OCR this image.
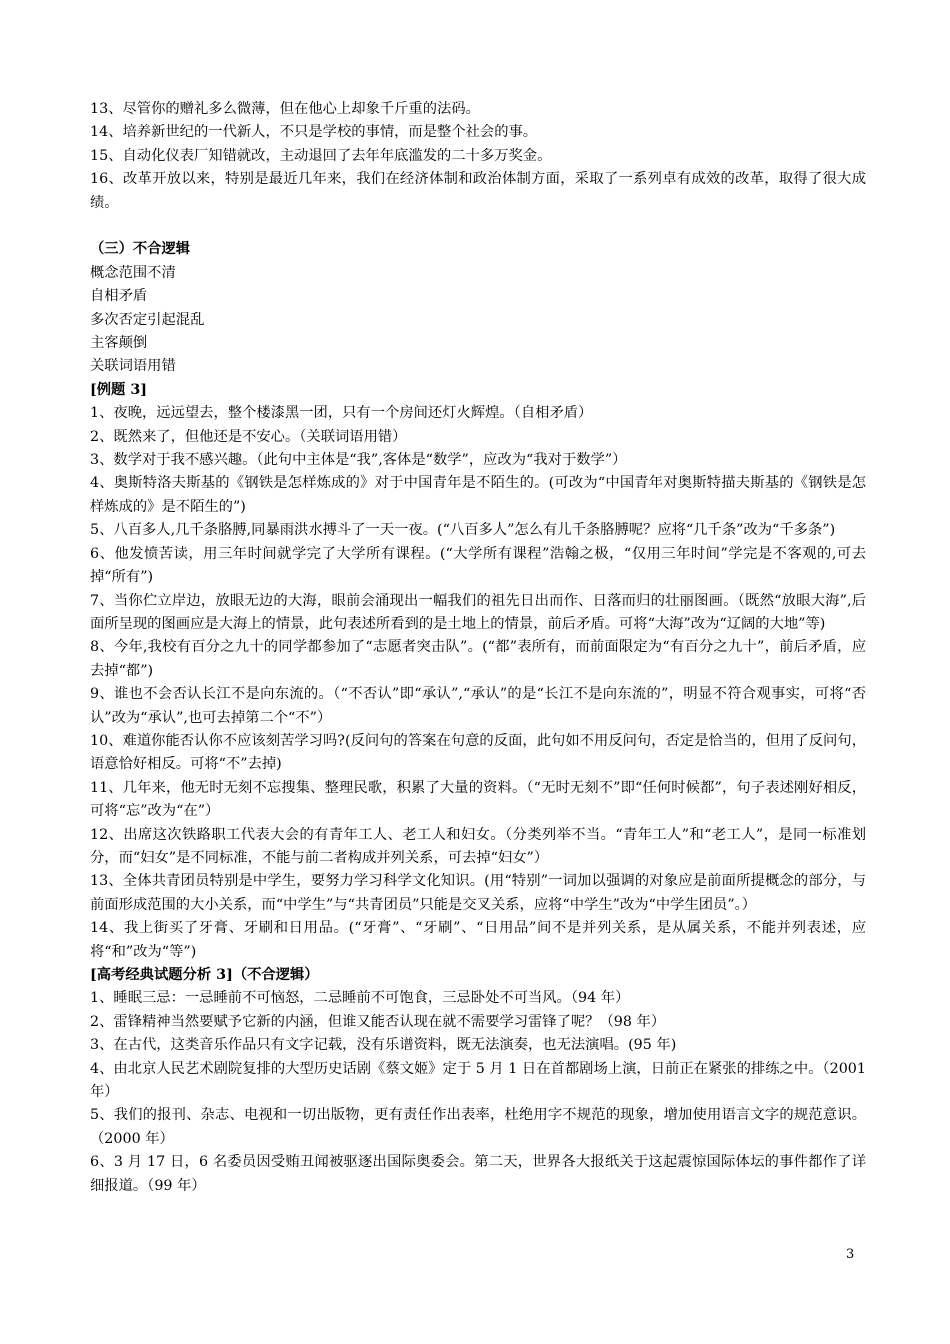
13、尽管你的赠礼多么微薄，但在他心上却象千斤重的法码。

14、培养新世纪的一代新人，不只是学校的事情，而是整个社会的事。

15、自动化仪表厂知错就改，主动退回了去年年底滥发的二十多万奖金。

16、改革开放以来，特别是最近几年来，我们在经济体制和政治体制方面，采取了一系列卓有成效的改革，取得了很大成绩。

（三）不合逻辑

概念范围不清

自相矛盾

多次否定引起混乱

主客颠倒

关联词语用错

[例题 3]

1、夜晚，远远望去，整个楼漆黑一团，只有一个房间还灯火辉煌。（自相矛盾）

2、既然来了，但他还是不安心。（关联词语用错）

3、数学对于我不感兴趣。（此句中主体是“我”,客体是“数学”，应改为“我对于数学”）

4、奥斯特洛夫斯基的《钢铁是怎样炼成的》对于中国青年是不陌生的。(可改为“中国青年对奥斯特描夫斯基的《钢铁是怎样炼成的》是不陌生的”)

5、八百多人,几千条胳膊,同暴雨洪水搏斗了一天一夜。(“八百多人”怎么有儿千条胳膊呢？应将“几千条”改为“千多条”)

6、他发愤苦读，用三年时间就学完了大学所有课程。(“大学所有课程”浩翰之极，“仅用三年时间”学完是不客观的,可去掉“所有”)

7、当你伫立岸边，放眼无边的大海，眼前会涌现出一幅我们的祖先日出而作、日落而归的壮丽图画。（既然“放眼大海”,后面所呈现的图画应是大海上的情景，此句表述所看到的是土地上的情景，前后矛盾。可将“大海”改为“辽阔的大地”等)

8、今年,我校有百分之九十的同学都参加了“志愿者突击队”。(“都”表所有，而前面限定为“有百分之九十”，前后矛盾，应去掉“都”)

9、谁也不会否认长江不是向东流的。（“不否认”即“承认”,“承认”的是“长江不是向东流的”，明显不符合观事实，可将“否认”改为“承认”,也可去掉第二个“不”）

10、难道你能否认你不应该刻苦学习吗?(反问句的答案在句意的反面，此句如不用反问句，否定是恰当的，但用了反问句，语意恰好相反。可将“不”去掉)

11、几年来，他无时无刻不忘搜集、整理民歌，积累了大量的资料。（“无时无刻不”即“任何时候都”，句子表述刚好相反，可将“忘”改为“在”）

12、出席这次铁路职工代表大会的有青年工人、老工人和妇女。（分类列举不当。“青年工人”和“老工人”，是同一标准划分，而“妇女”是不同标准，不能与前二者构成并列关系，可去掉“妇女”）

13、全体共青团员特别是中学生，要努力学习科学文化知识。(用“特别”一词加以强调的对象应是前面所提概念的部分，与前面形成范围的大小关系，而“中学生”与“共青团员”只能是交叉关系，应将“中学生”改为“中学生团员”。）

14、我上街买了牙膏、牙刷和日用品。(“牙膏”、“牙刷”、“日用品”间不是并列关系，是从属关系，不能并列表述，应将“和”改为“等”)

[高考经典试题分析 3]（不合逻辑）

1、睡眠三忌：一忌睡前不可恼怒，二忌睡前不可饱食，三忌卧处不可当风。（94 年）

2、雷锋精神当然要赋予它新的内涵，但谁又能否认现在就不需要学习雷锋了呢？（98 年）

3、在古代，这类音乐作品只有文字记载，没有乐谱资料，既无法演奏，也无法演唱。(95 年)

4、由北京人民艺术剧院复排的大型历史话剧《蔡文姬》定于 5 月 1 日在首都剧场上演，日前正在紧张的排练之中。（2001 年）

5、我们的报刊、杂志、电视和一切出版物，更有责任作出表率，杜绝用字不规范的现象，增加使用语言文字的规范意识。（2000 年）

6、3 月 17 日，6 名委员因受贿丑闻被驱逐出国际奥委会。第二天，世界各大报纸关于这起震惊国际体坛的事件都作了详细报道。（99 年）

3
